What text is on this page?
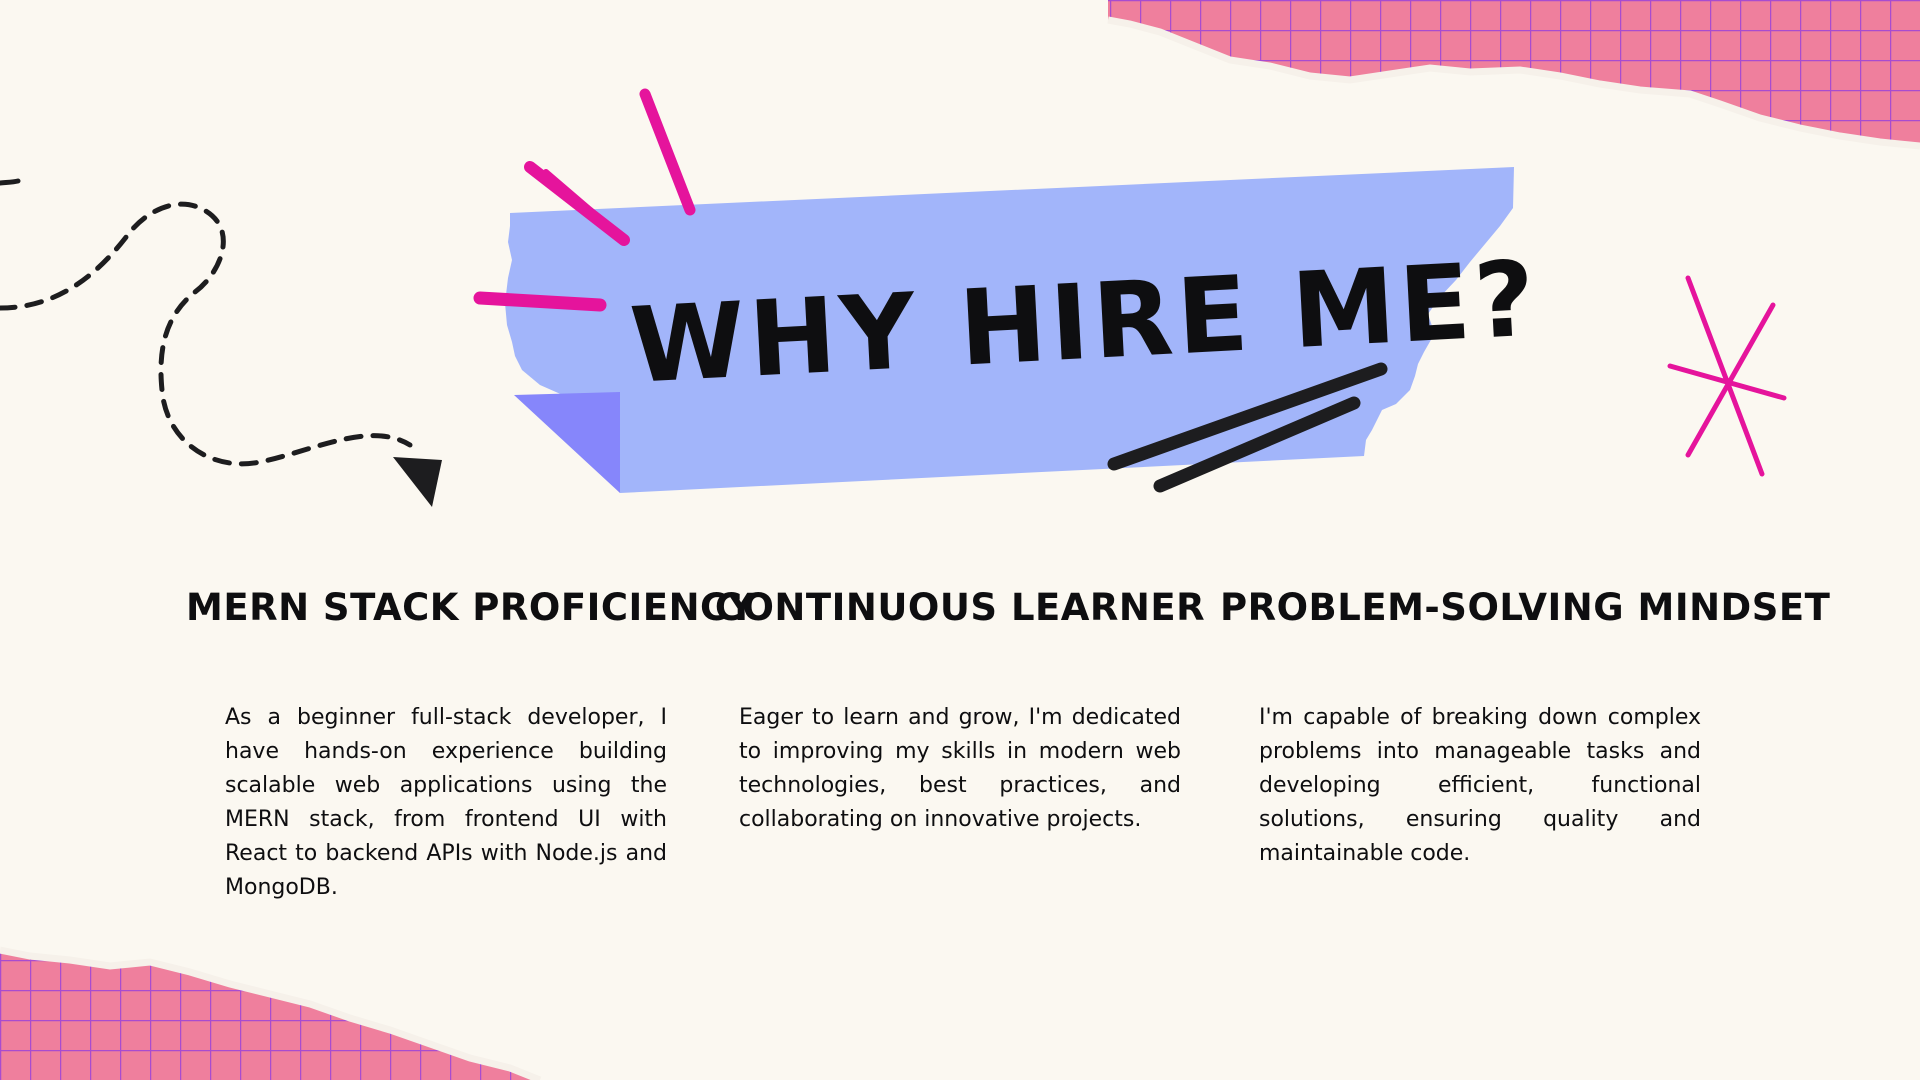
WHY HIRE ME?
MERN STACK PROFICIENCY

As a beginner full-stack developer, I have hands-on experience building scalable web applications using the MERN stack, from frontend UI with React to backend APIs with Node.js and MongoDB.

CONTINUOUS LEARNER

Eager to learn and grow, I'm dedicated to improving my skills in modern web technologies, best practices, and collaborating on innovative projects.

PROBLEM-SOLVING MINDSET

I'm capable of breaking down complex problems into manageable tasks and developing efficient, functional solutions, ensuring quality and maintainable code.
